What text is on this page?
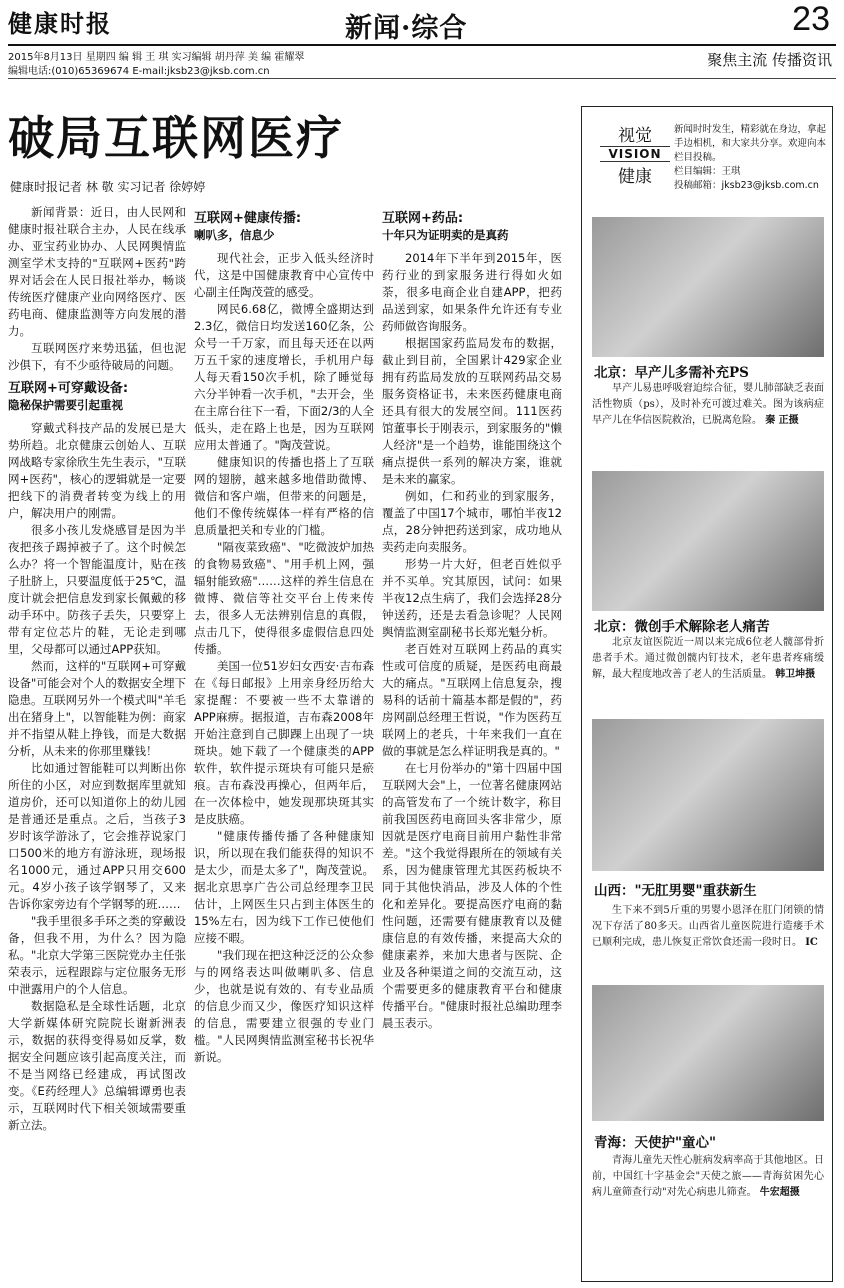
健康时报	新闻·综合	23
2015年8月13日 星期四 编 辑 王 琪 实习编辑 胡丹萍 美 编 霍耀翠
编辑电话:(010)65369674 E-mail:jksb23@jksb.com.cn
聚焦主流 传播资讯
破局互联网医疗
健康时报记者 林 敬 实习记者 徐婷婷

新闻背景：近日，由人民网和健康时报社联合主办，人民在线承办、亚宝药业协办、人民网舆情监测室学术支持的"互联网+医药"跨界对话会在人民日报社举办，畅谈传统医疗健康产业向网络医疗、医药电商、健康监测等方向发展的潜力。

互联网医疗来势迅猛，但也泥沙俱下，有不少亟待破局的问题。

互联网+可穿戴设备:
隐秘保护需要引起重视

穿戴式科技产品的发展已是大势所趋。北京健康云创始人、互联网战略专家徐欣生先生表示，"互联网+医药"，核心的逻辑就是一定要把线下的消费者转变为线上的用户，解决用户的刚需。

很多小孩儿发烧感冒是因为半夜把孩子踢掉被子了。这个时候怎么办？将一个智能温度计，贴在孩子肚脐上，只要温度低于25℃，温度计就会把信息发到家长佩戴的移动手环中。防孩子丢失，只要穿上带有定位芯片的鞋，无论走到哪里，父母都可以通过APP获知。

然而，这样的"互联网+可穿戴设备"可能会对个人的数据安全埋下隐患。互联网另外一个模式叫"羊毛出在猪身上"，以智能鞋为例：商家并不指望从鞋上挣钱，而是大数据分析，从未来的你那里赚钱！

比如通过智能鞋可以判断出你所住的小区，对应到数据库里就知道房价，还可以知道你上的幼儿园是普通还是重点。之后，当孩子3岁时该学游泳了，它会推荐说家门口500米的地方有游泳班，现场报名1000元，通过APP只用交600元。4岁小孩子该学钢琴了，又来告诉你家旁边有个学钢琴的班……

"我手里很多手环之类的穿戴设备，但我不用，为什么？因为隐私。"北京大学第三医院党办主任张荣表示，远程跟踪与定位服务无形中泄露用户的个人信息。

数据隐私是全球性话题，北京大学新媒体研究院院长谢新洲表示，数据的获得变得易如反掌，数据安全问题应该引起高度关注，而不是当网络已经建成，再试图改变。《E药经理人》总编辑谭勇也表示，互联网时代下相关领域需要重新立法。

互联网+健康传播:
喇叭多，信息少

现代社会，正步入低头经济时代，这是中国健康教育中心宣传中心副主任陶茂萱的感受。

网民6.68亿，微博全盛期达到2.3亿，微信日均发送160亿条，公众号一千万家，而且每天还在以两万五千家的速度增长，手机用户每人每天看150次手机，除了睡觉每六分半钟看一次手机，"去开会，坐在主席台往下一看，下面2/3的人全低头，走在路上也是，因为互联网应用太普通了。"陶茂萱说。

健康知识的传播也搭上了互联网的翅膀，越来越多地借助微博、微信和客户端，但带来的问题是，他们不像传统媒体一样有严格的信息质量把关和专业的门槛。

"隔夜菜致癌"、"吃微波炉加热的食物易致癌"、"用手机上网，强辐射能致癌"……这样的养生信息在微博、微信等社交平台上传来传去，很多人无法辨别信息的真假，点击几下，使得很多虚假信息四处传播。

美国一位51岁妇女西安·吉布森在《每日邮报》上用亲身经历给大家提醒：不要被一些不太靠谱的APP麻痹。据报道，吉布森2008年开始注意到自己脚踝上出现了一块斑块。她下载了一个健康类的APP软件，软件提示斑块有可能只是瘀痕。吉布森没再操心，但两年后，在一次体检中，她发现那块斑其实是皮肤癌。

"健康传播传播了各种健康知识，所以现在我们能获得的知识不是太少，而是太多了"，陶茂萱说。据北京思享广告公司总经理李卫民估计，上网医生只占到主体医生的15%左右，因为线下工作已使他们应接不暇。

"我们现在把这种泛泛的公众参与的网络表达叫做喇叭多、信息少，也就是说有效的、有专业品质的信息少而又少，像医疗知识这样的信息，需要建立很强的专业门槛。"人民网舆情监测室秘书长祝华新说。

互联网+药品:
十年只为证明卖的是真药

2014年下半年到2015年，医药行业的到家服务进行得如火如荼，很多电商企业自建APP，把药品送到家，如果条件允许还有专业药师做咨询服务。

根据国家药监局发布的数据，截止到目前，全国累计429家企业拥有药监局发放的互联网药品交易服务资格证书，未来医药健康电商还具有很大的发展空间。111医药馆董事长于刚表示，到家服务的"懒人经济"是一个趋势，谁能围绕这个痛点提供一系列的解决方案，谁就是未来的赢家。

例如，仁和药业的到家服务，覆盖了中国17个城市，哪怕半夜12点，28分钟把药送到家，成功地从卖药走向卖服务。

形势一片大好，但老百姓似乎并不买单。究其原因，试问：如果半夜12点生病了，我们会选择28分钟送药，还是去看急诊呢？人民网舆情监测室副秘书长郑光魁分析。

老百姓对互联网上药品的真实性或可信度的质疑，是医药电商最大的痛点。"互联网上信息复杂，搜易科的话前十篇基本都是假的"，药房网副总经理王哲说，"作为医药互联网上的老兵，十年来我们一直在做的事就是怎么样证明我是真的。"

在七月份举办的"第十四届中国互联网大会"上，一位著名健康网站的高管发布了一个统计数字，称目前我国医药电商回头客非常少，原因就是医疗电商目前用户黏性非常差。"这个我觉得跟所在的领域有关系，因为健康管理尤其医药板块不同于其他快消品，涉及人体的个性化和差异化。要提高医疗电商的黏性问题，还需要有健康教育以及健康信息的有效传播，来提高大众的健康素养，来加大患者与医院、企业及各种渠道之间的交流互动，这个需要更多的健康教育平台和健康传播平台。"健康时报社总编助理李晨玉表示。

视觉
VISION
健康
新闻时时发生，精彩就在身边，拿起手边相机，和大家共分享。欢迎向本栏目投稿。
栏目编辑：王琪
投稿邮箱：jksb23@jksb.com.cn
北京：早产儿多需补充PS
早产儿易患呼吸窘迫综合征，婴儿肺部缺乏表面活性物质（ps），及时补充可渡过难关。图为该病症早产儿在华信医院救治，已脱离危险。 秦 正摄
北京：微创手术解除老人痛苦
北京友谊医院近一周以来完成6位老人髋部骨折患者手术。通过微创髋内钉技术，老年患者疼痛缓解，最大程度地改善了老人的生活质量。 韩卫坤摄
山西："无肛男婴"重获新生
生下来不到5斤重的男婴小恩泽在肛门闭锁的情况下存活了80多天。山西省儿童医院进行造瘘手术已顺利完成，患儿恢复正常饮食还需一段时日。 IC
青海：天使护"童心"
青海儿童先天性心脏病发病率高于其他地区。日前，中国红十字基金会"天使之旅——青海贫困先心病儿童筛查行动"对先心病患儿筛查。 牛宏超摄
